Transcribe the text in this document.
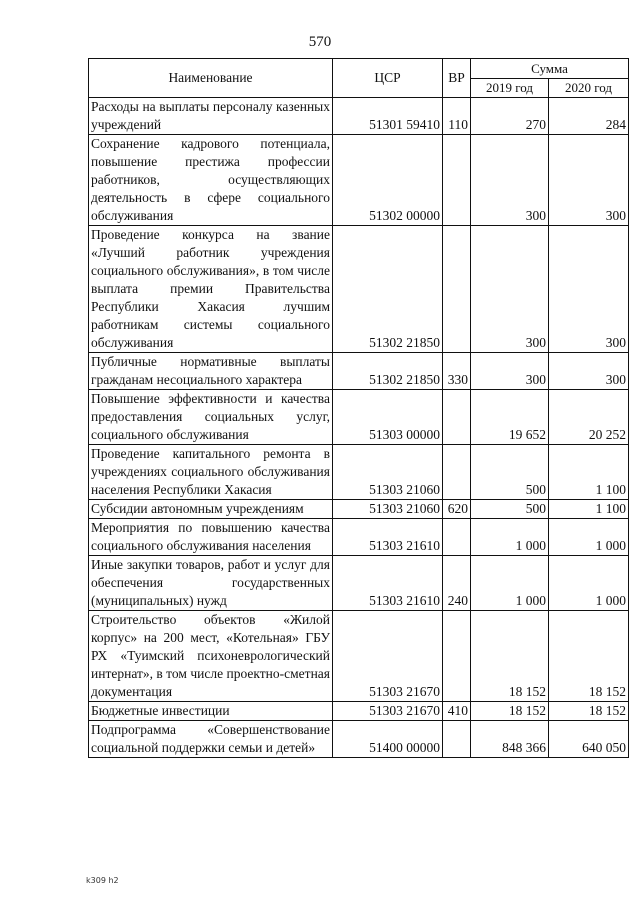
570
Наименование	ЦСР	ВР	Сумма	
			2019 год	2020 год
Расходы на выплаты персоналу казенных учреждений	51301 59410	110	270	284
Сохранение кадрового потенциала, повышение престижа профессии работников, осуществляющих деятельность в сфере социального обслуживания	51302 00000		300	300
Проведение конкурса на звание «Лучший работник учреждения социального обслуживания», в том числе выплата премии Правительства Республики Хакасия лучшим работникам системы социального обслуживания	51302 21850		300	300
Публичные нормативные выплаты гражданам несоциального характера	51302 21850	330	300	300
Повышение эффективности и качества предоставления социальных услуг, социального обслуживания	51303 00000		19 652	20 252
Проведение капитального ремонта в учреждениях социального обслуживания населения Республики Хакасия	51303 21060		500	1 100
Субсидии автономным учреждениям	51303 21060	620	500	1 100
Мероприятия по повышению качества социального обслуживания населения	51303 21610		1 000	1 000
Иные закупки товаров, работ и услуг для обеспечения государственных (муниципальных) нужд	51303 21610	240	1 000	1 000
Строительство объектов «Жилой корпус» на 200 мест, «Котельная» ГБУ РХ «Туимский психоневрологический интернат», в том числе проектно-сметная документация	51303 21670		18 152	18 152
Бюджетные инвестиции	51303 21670	410	18 152	18 152
Подпрограмма «Совершенствование социальной поддержки семьи и детей»	51400 00000		848 366	640 050
k309 h2
